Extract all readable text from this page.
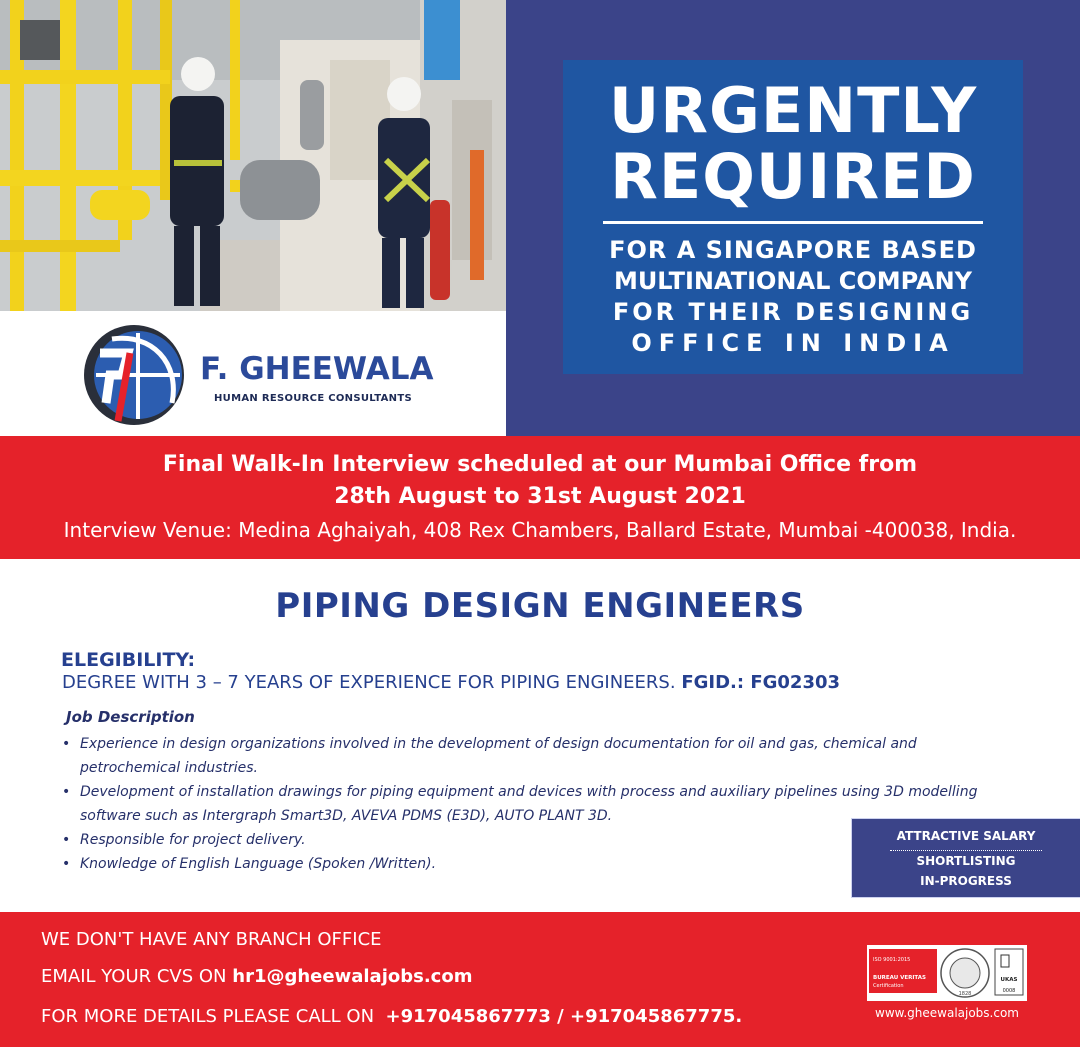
F. GHEEWALA
HUMAN RESOURCE CONSULTANTS
URGENTLY
REQUIRED
FOR A SINGAPORE BASED
MULTINATIONAL COMPANY
FOR THEIR DESIGNING
OFFICE IN INDIA
Final Walk-In Interview scheduled at our Mumbai Office from
28th August to 31st August 2021
Interview Venue: Medina Aghaiyah, 408 Rex Chambers, Ballard Estate, Mumbai -400038, India.
PIPING DESIGN ENGINEERS
ELEGIBILITY:
DEGREE WITH 3 – 7 YEARS OF EXPERIENCE FOR PIPING ENGINEERS. FGID.: FG02303
Job Description
• Experience in design organizations involved in the development of design documentation for oil and gas, chemical and petrochemical industries.
• Development of installation drawings for piping equipment and devices with process and auxiliary pipelines using 3D modelling software such as Intergraph Smart3D, AVEVA PDMS (E3D), AUTO PLANT 3D.
• Responsible for project delivery.
• Knowledge of English Language (Spoken /Written).
ATTRACTIVE SALARY
SHORTLISTING
IN-PROGRESS
WE DON'T HAVE ANY BRANCH OFFICE
EMAIL YOUR CVS ON hr1@gheewalajobs.com
FOR MORE DETAILS PLEASE CALL ON +917045867773 / +917045867775.
ISO 9001:2015
BUREAU VERITAS
Certification
1828
UKAS
0008
www.gheewalajobs.com
